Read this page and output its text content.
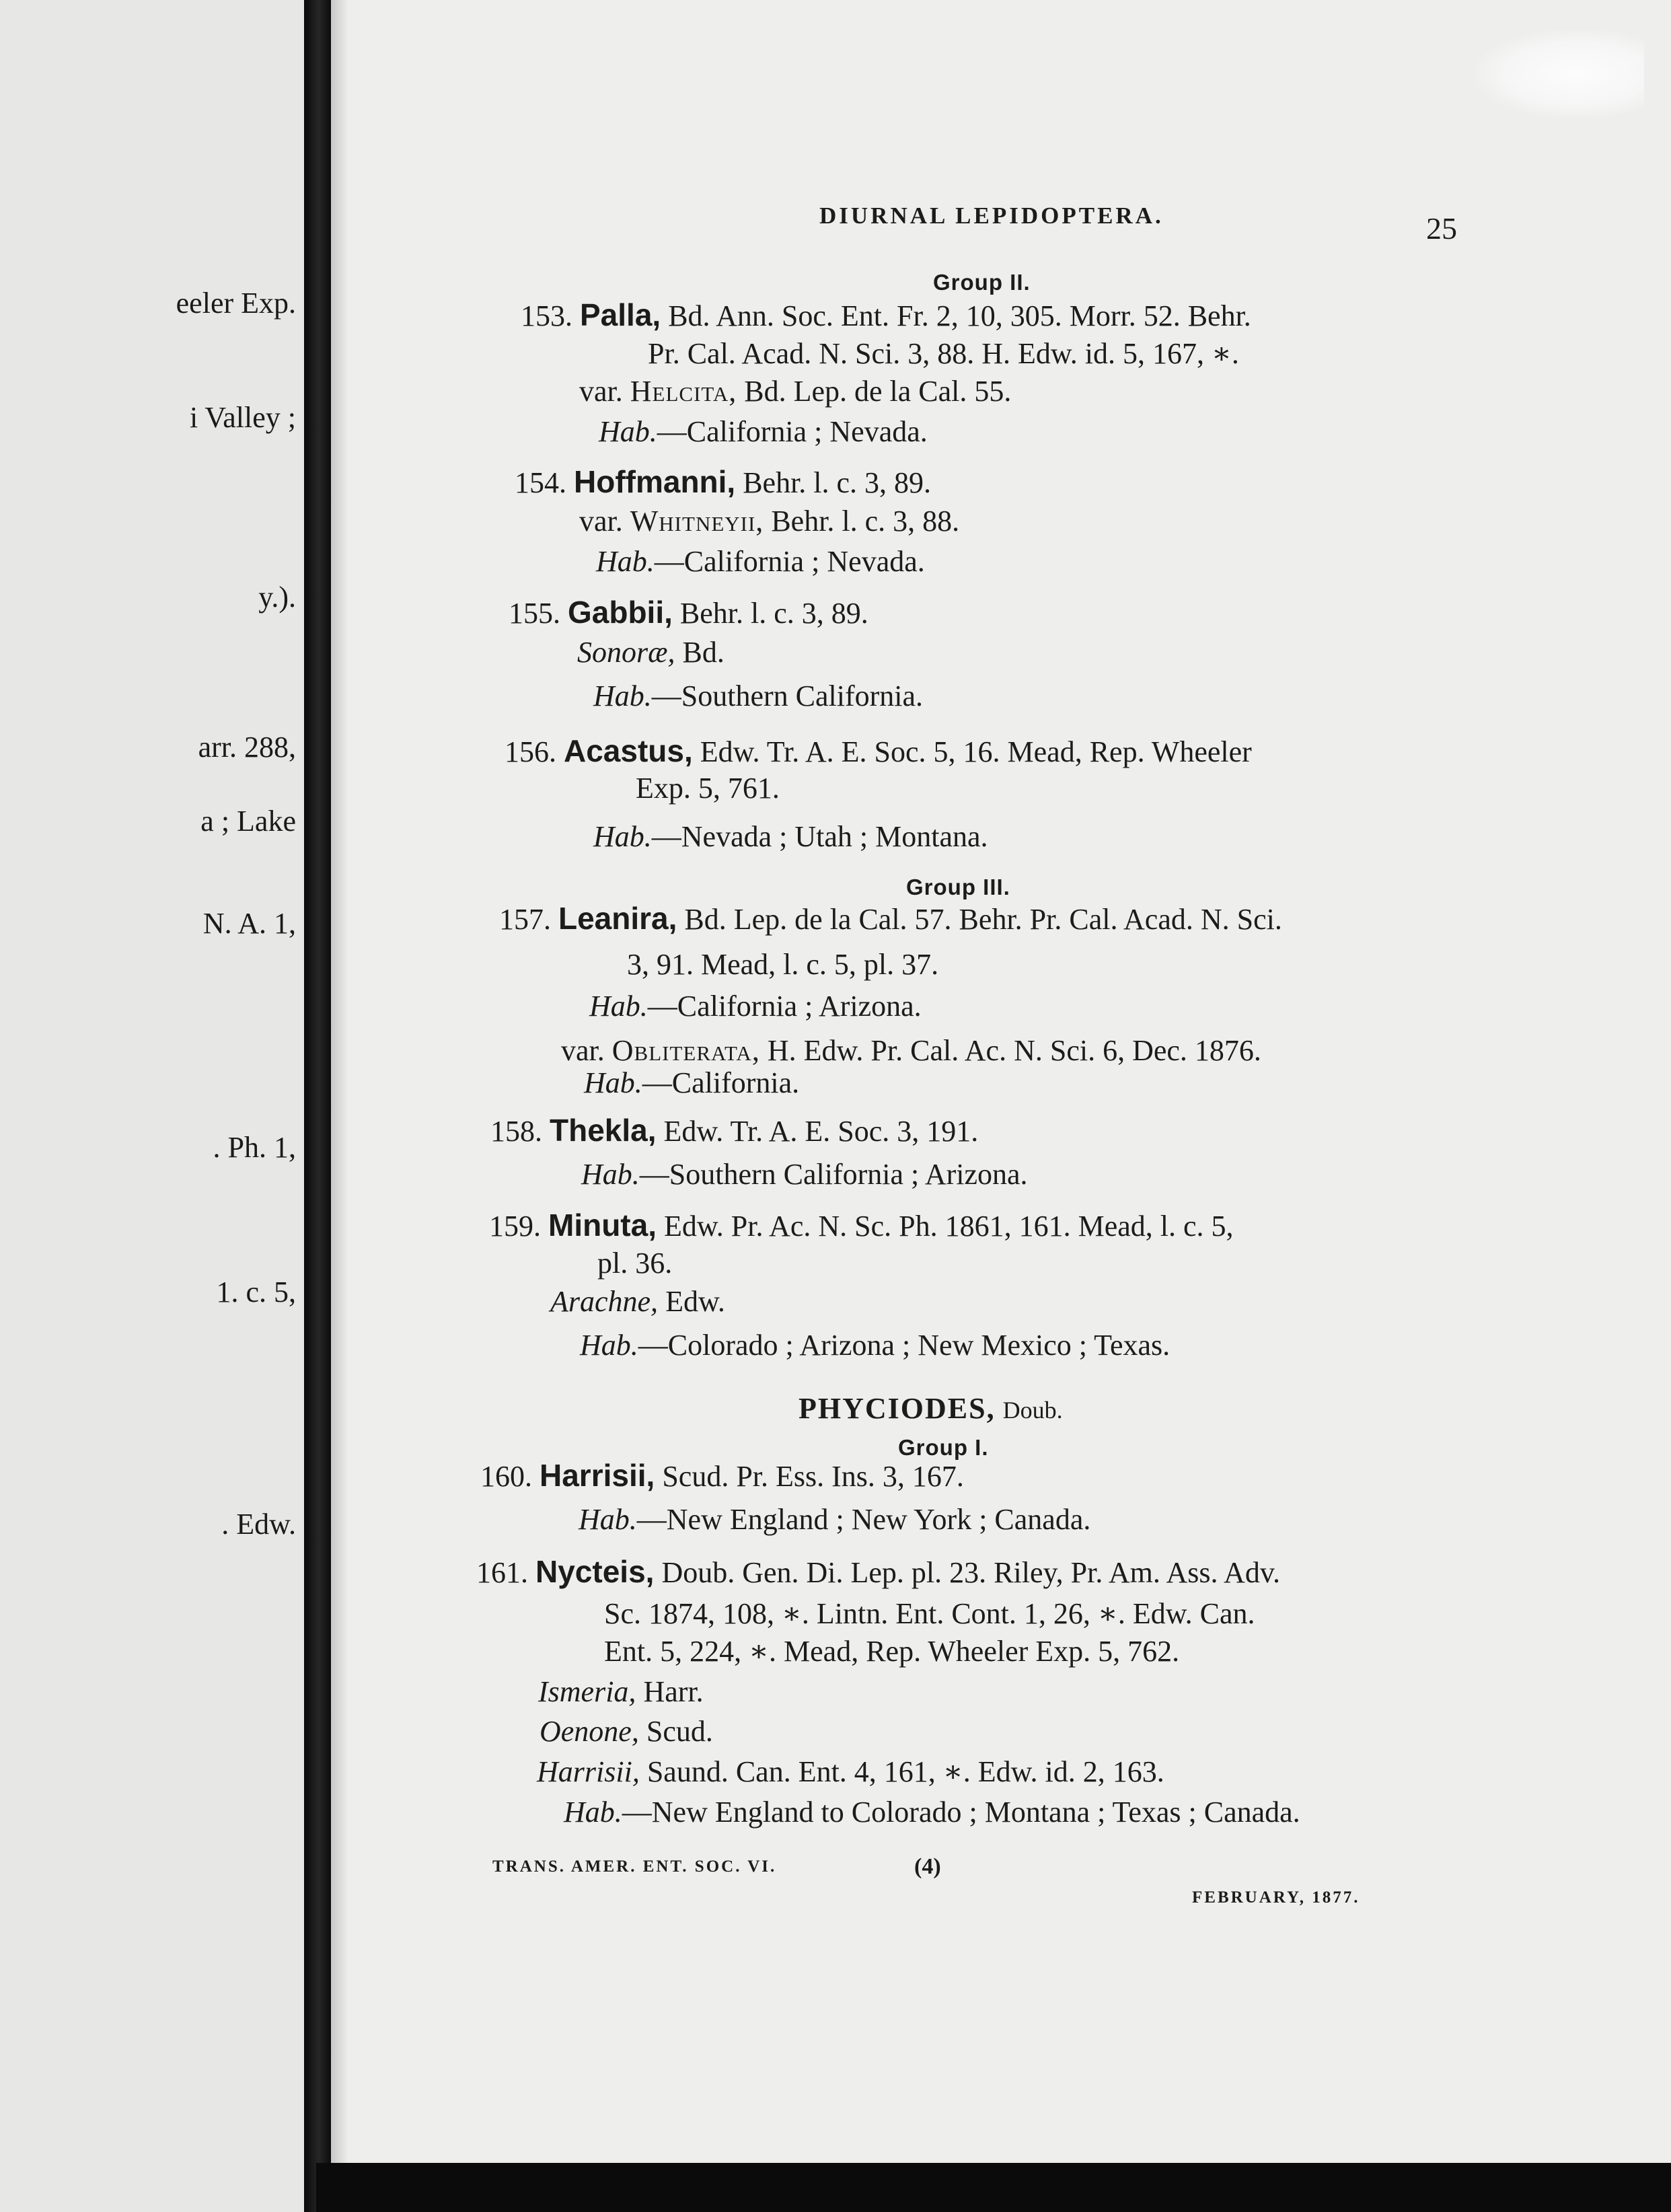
eeler Exp.
i Valley ;
y.).
arr. 288,
a ; Lake
N. A. 1,
. Ph. 1,
1. c. 5,
. Edw.
DIURNAL LEPIDOPTERA.	25
Group II.
153. Palla, Bd. Ann. Soc. Ent. Fr. 2, 10, 305. Morr. 52. Behr.
Pr. Cal. Acad. N. Sci. 3, 88. H. Edw. id. 5, 167, ∗.
var. Helcita, Bd. Lep. de la Cal. 55.
Hab.—California ; Nevada.
154. Hoffmanni, Behr. l. c. 3, 89.
var. Whitneyii, Behr. l. c. 3, 88.
Hab.—California ; Nevada.
155. Gabbii, Behr. l. c. 3, 89.
Sonoræ, Bd.
Hab.—Southern California.
156. Acastus, Edw. Tr. A. E. Soc. 5, 16. Mead, Rep. Wheeler
Exp. 5, 761.
Hab.—Nevada ; Utah ; Montana.
Group III.
157. Leanira, Bd. Lep. de la Cal. 57. Behr. Pr. Cal. Acad. N. Sci.
3, 91. Mead, l. c. 5, pl. 37.
Hab.—California ; Arizona.
var. Obliterata, H. Edw. Pr. Cal. Ac. N. Sci. 6, Dec. 1876.
Hab.—California.
158. Thekla, Edw. Tr. A. E. Soc. 3, 191.
Hab.—Southern California ; Arizona.
159. Minuta, Edw. Pr. Ac. N. Sc. Ph. 1861, 161. Mead, l. c. 5,
pl. 36.
Arachne, Edw.
Hab.—Colorado ; Arizona ; New Mexico ; Texas.
PHYCIODES, Doub.
Group I.
160. Harrisii, Scud. Pr. Ess. Ins. 3, 167.
Hab.—New England ; New York ; Canada.
161. Nycteis, Doub. Gen. Di. Lep. pl. 23. Riley, Pr. Am. Ass. Adv.
Sc. 1874, 108, ∗. Lintn. Ent. Cont. 1, 26, ∗. Edw. Can.
Ent. 5, 224, ∗. Mead, Rep. Wheeler Exp. 5, 762.
Ismeria, Harr.
Oenone, Scud.
Harrisii, Saund. Can. Ent. 4, 161, ∗. Edw. id. 2, 163.
Hab.—New England to Colorado ; Montana ; Texas ; Canada.
TRANS. AMER. ENT. SOC. VI.	(4)
FEBRUARY, 1877.
